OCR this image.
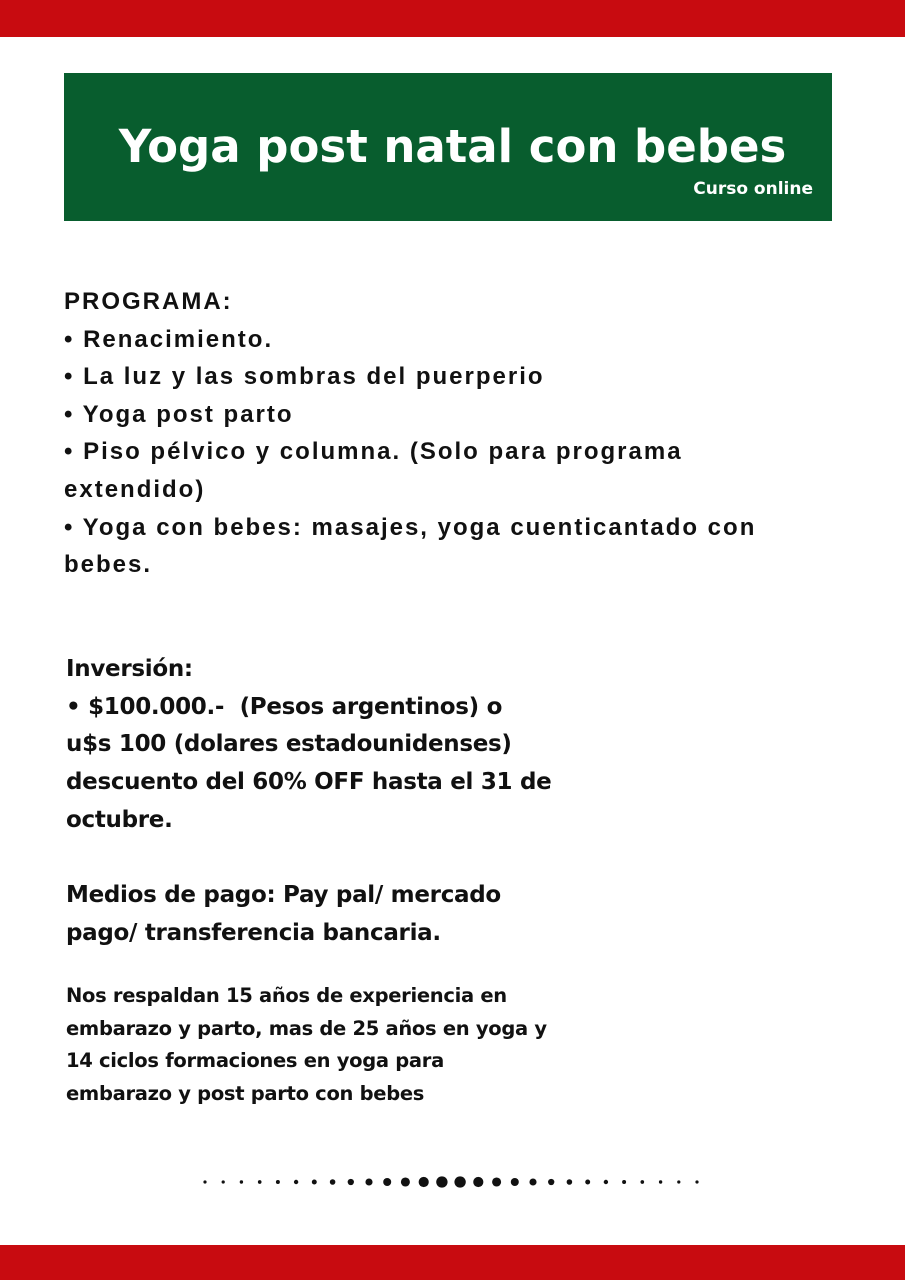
Yoga post natal con bebes
Curso online
PROGRAMA:
• Renacimiento.
• La luz y las sombras del puerperio
• Yoga post parto
• Piso pélvico y columna. (Solo para programa
extendido)
• Yoga con bebes: masajes, yoga cuenticantado con
bebes.
Inversión:
• $100.000.-  (Pesos argentinos) o
u$s 100 (dolares estadounidenses)
descuento del 60% OFF hasta el 31 de
octubre.
Medios de pago: Pay pal/ mercado
pago/ transferencia bancaria.
Nos respaldan 15 años de experiencia en
embarazo y parto, mas de 25 años en yoga y
14 ciclos formaciones en yoga para
embarazo y post parto con bebes
